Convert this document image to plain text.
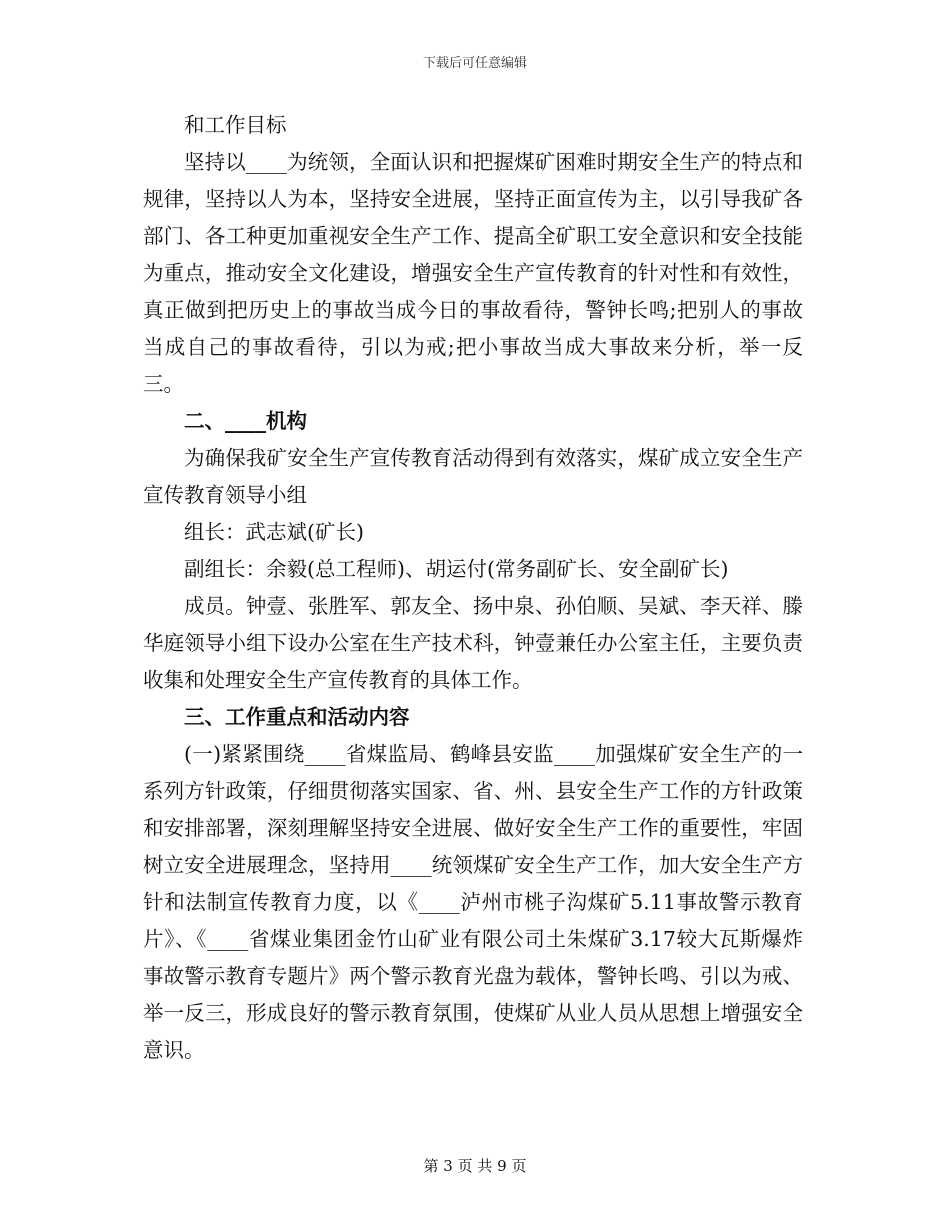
下载后可任意编辑

和工作目标

坚持以____为统领，全面认识和把握煤矿困难时期安全生产的特点和规律，坚持以人为本，坚持安全进展，坚持正面宣传为主，以引导我矿各部门、各工种更加重视安全生产工作、提高全矿职工安全意识和安全技能为重点，推动安全文化建设，增强安全生产宣传教育的针对性和有效性，真正做到把历史上的事故当成今日的事故看待，警钟长鸣;把别人的事故当成自己的事故看待，引以为戒;把小事故当成大事故来分析，举一反三。

二、____机构

为确保我矿安全生产宣传教育活动得到有效落实，煤矿成立安全生产宣传教育领导小组

组长：武志斌(矿长)

副组长：余毅(总工程师)、胡运付(常务副矿长、安全副矿长)

成员。钟壹、张胜军、郭友全、扬中泉、孙伯顺、吴斌、李天祥、滕华庭领导小组下设办公室在生产技术科，钟壹兼任办公室主任，主要负责收集和处理安全生产宣传教育的具体工作。

三、工作重点和活动内容

(一)紧紧围绕____省煤监局、鹤峰县安监____加强煤矿安全生产的一系列方针政策，仔细贯彻落实国家、省、州、县安全生产工作的方针政策和安排部署，深刻理解坚持安全进展、做好安全生产工作的重要性，牢固树立安全进展理念，坚持用____统领煤矿安全生产工作，加大安全生产方针和法制宣传教育力度，以《____泸州市桃子沟煤矿5.11事故警示教育片》、《____省煤业集团金竹山矿业有限公司土朱煤矿3.17较大瓦斯爆炸事故警示教育专题片》两个警示教育光盘为载体，警钟长鸣、引以为戒、举一反三，形成良好的警示教育氛围，使煤矿从业人员从思想上增强安全意识。

第 3 页 共 9 页
